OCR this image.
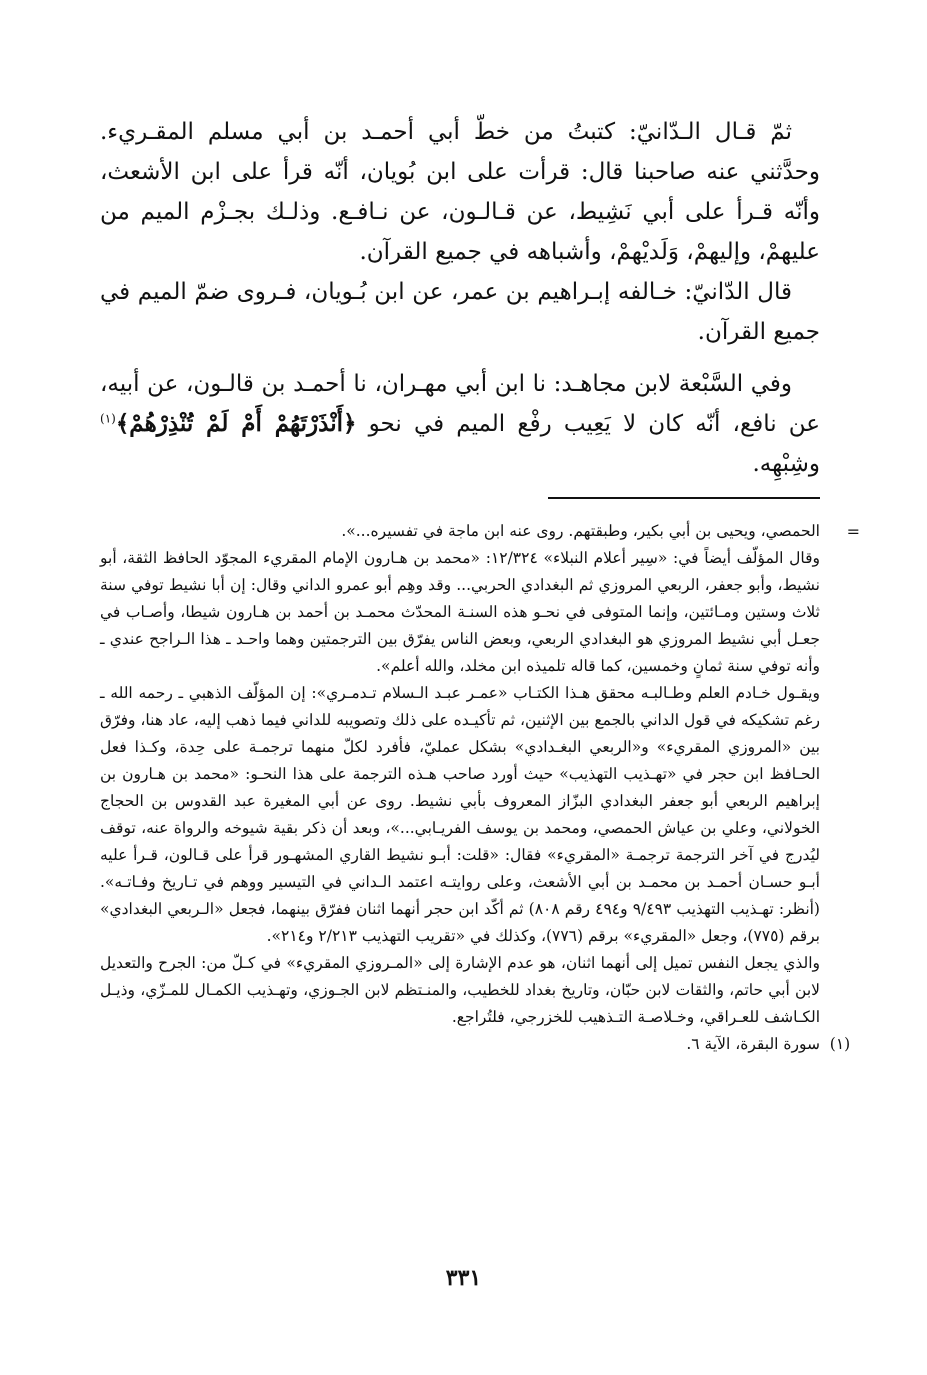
ثمّ قـال الـدّانيّ: كتبتُ من خطّ أبي أحمـد بن أبي مسلم المقـريء. وحدَّثني عنه صاحبنا قال: قرأت على ابن بُويان، أنّه قرأ على ابن الأشعث، وأنّه قـرأ على أبي نَشِيط، عن قـالـون، عن نـافـع. وذلـك بجـزْم الميم من عليهمْ، وإليهمْ، وَلَديْهمْ، وأشباهه في جميع القرآن.

قال الدّانيّ: خـالفه إبـراهيم بن عمر، عن ابن بُـويان، فـروى ضمّ الميم في جميع القرآن.

وفي السَّبْعة لابن مجاهـد: نا ابن أبي مهـران، نا أحمـد بن قالـون، عن أبيه، عن نافع، أنّه كان لا يَعِيب رفْع الميم في نحو ﴿أَنْذَرْتَهُمْ أَمْ لَمْ تُنْذِرْهُمْ﴾$^{(١)}$ وشِبْهِه.

=

الحمصي، ويحيى بن أبي بكير، وطبقتهم. روى عنه ابن ماجة في تفسيره...».

وقال المؤلّف أيضاً في: «سِير أعلام النبلاء» ١٢/٣٢٤: «محمد بن هـارون الإمام المقريء المجوّد الحافظ الثقة، أبو نشيط، وأبو جعفر، الربعي المروزي ثم البغدادي الحربي... وقد وهِم أبو عمرو الداني وقال: إن أبا نشيط توفي سنة ثلاث وستين ومـائتين، وإنما المتوفى في نحـو هذه السنـة المحدّث محمـد بن أحمد بن هـارون شيطا، وأصـاب في جعـل أبي نشيط المروزي هو البغدادي الربعي، وبعض الناس يفرّق بين الترجمتين وهما واحـد ـ هذا الـراجح عندي ـ وأنه توفي سنة ثمانٍ وخمسين، كما قاله تلميذه ابن مخلد، والله أعلم».

ويقـول خـادم العلم وطـالبـه محقق هـذا الكتـاب «عمـر عبـد الـسلام تـدمـري»: إن المؤلّف الذهبي ـ رحمه الله ـ رغم تشكيكه في قول الداني بالجمع بين الإثنين، ثم تأكيـده على ذلك وتصويبه للداني فيما ذهب إليه، عاد هنا، وفرّق بين «المروزي المقريء» و«الربعي البغـدادي» بشكل عمليّ، فأفرد لكلّ منهما ترجمـة على حِدة، وكـذا فعل الحـافظ ابن حجر في «تهـذيب التهذيب» حيث أورد صاحب هـذه الترجمة على هذا النحـو: «محمد بن هـارون بن إبراهيم الربعي أبو جعفر البغدادي البزّاز المعروف بأبي نشيط. روى عن أبي المغيرة عبد القدوس بن الحجاج الخولاني، وعلي بن عياش الحمصي، ومحمد بن يوسف الفريـابي...»، وبعد أن ذكر بقية شيوخه والرواة عنه، توقف ليُدرج في آخر الترجمة ترجمـة «المقريء» فقال: «قلت: أبـو نشيط القاري المشهـور قرأ على قـالون، قـرأ عليه أبـو حسـان أحمـد بن محمـد بن أبي الأشعث، وعلى روايتـه اعتمد الـداني في التيسير ووهم في تـاريخ وفـاتـه». (أنظر: تهـذيب التهذيب ٩/٤٩٣ و٤٩٤ رقم ٨٠٨) ثم أكّد ابن حجر أنهما اثنان ففرّق بينهما، فجعل «الـربعي البغدادي» برقم (٧٧٥)، وجعل «المقريء» برقم (٧٧٦)، وكذلك في «تقريب التهذيب ٢/٢١٣ و٢١٤».

والذي يجعل النفس تميل إلى أنهما اثنان، هو عدم الإشارة إلى «المـروزي المقريء» في كـلّ من: الجرح والتعديل لابن أبي حاتم، والثقات لابن حبّان، وتاريخ بغداد للخطيب، والمنـتظم لابن الجـوزي، وتهـذيب الكمـال للمـزّي، وذيـل الكـاشف للعـراقي، وخـلاصـة التـذهيب للخزرجي، فلتُراجع.

(١)
سورة البقرة، الآية ٦.
٣٣١
